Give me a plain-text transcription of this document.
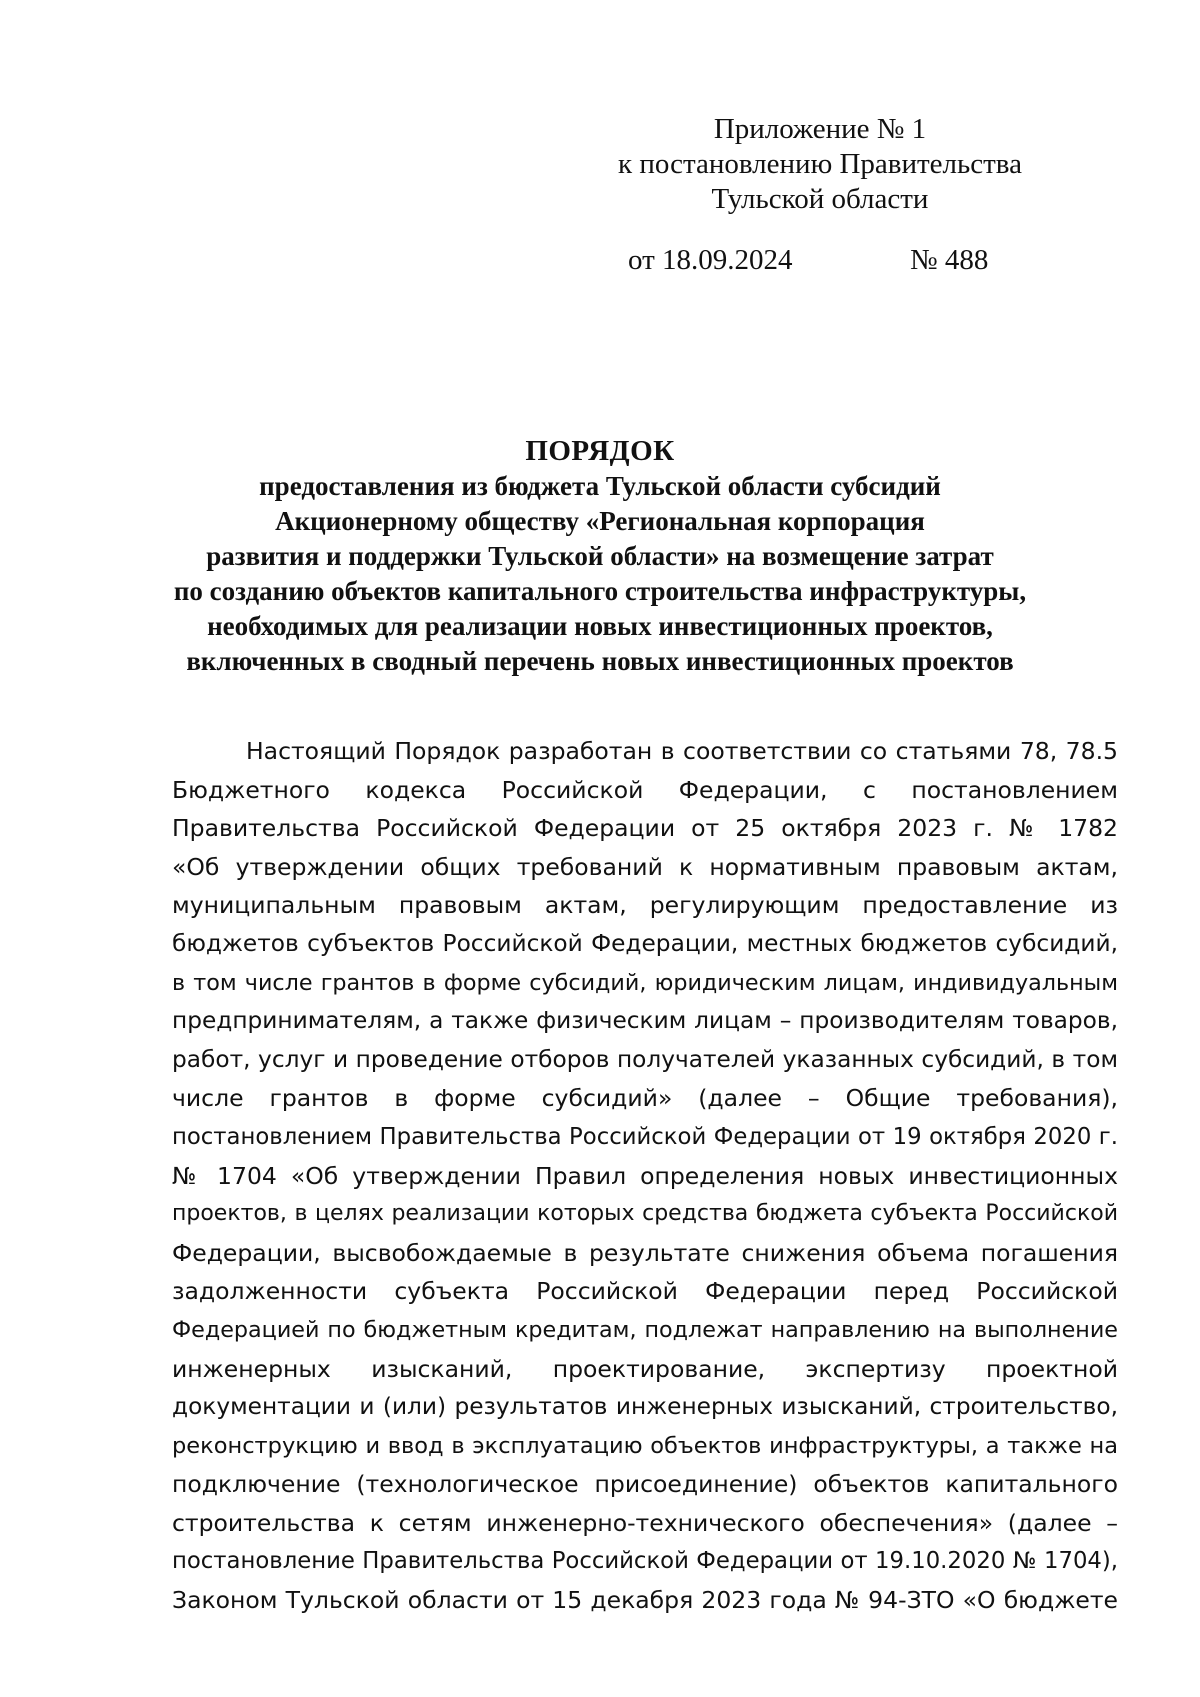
Приложение № 1
к постановлению Правительства
Тульской области
от 18.09.2024	№ 488
ПОРЯДОК
предоставления из бюджета Тульской области субсидий
Акционерному обществу «Региональная корпорация
развития и поддержки Тульской области» на возмещение затрат
по созданию объектов капитального строительства инфраструктуры,
необходимых для реализации новых инвестиционных проектов,
включенных в сводный перечень новых инвестиционных проектов
Настоящий Порядок разработан в соответствии со статьями 78, 78.5
Бюджетного кодекса Российской Федерации, с постановлением
Правительства Российской Федерации от 25 октября 2023 г. № 1782
«Об утверждении общих требований к нормативным правовым актам,
муниципальным правовым актам, регулирующим предоставление из
бюджетов субъектов Российской Федерации, местных бюджетов субсидий,
в том числе грантов в форме субсидий, юридическим лицам, индивидуальным
предпринимателям, а также физическим лицам – производителям товаров,
работ, услуг и проведение отборов получателей указанных субсидий, в том
числе грантов в форме субсидий» (далее – Общие требования),
постановлением Правительства Российской Федерации от 19 октября 2020 г.
№ 1704 «Об утверждении Правил определения новых инвестиционных
проектов, в целях реализации которых средства бюджета субъекта Российской
Федерации, высвобождаемые в результате снижения объема погашения
задолженности субъекта Российской Федерации перед Российской
Федерацией по бюджетным кредитам, подлежат направлению на выполнение
инженерных изысканий, проектирование, экспертизу проектной
документации и (или) результатов инженерных изысканий, строительство,
реконструкцию и ввод в эксплуатацию объектов инфраструктуры, а также на
подключение (технологическое присоединение) объектов капитального
строительства к сетям инженерно-технического обеспечения» (далее –
постановление Правительства Российской Федерации от 19.10.2020 № 1704),
Законом Тульской области от 15 декабря 2023 года № 94-ЗТО «О бюджете
